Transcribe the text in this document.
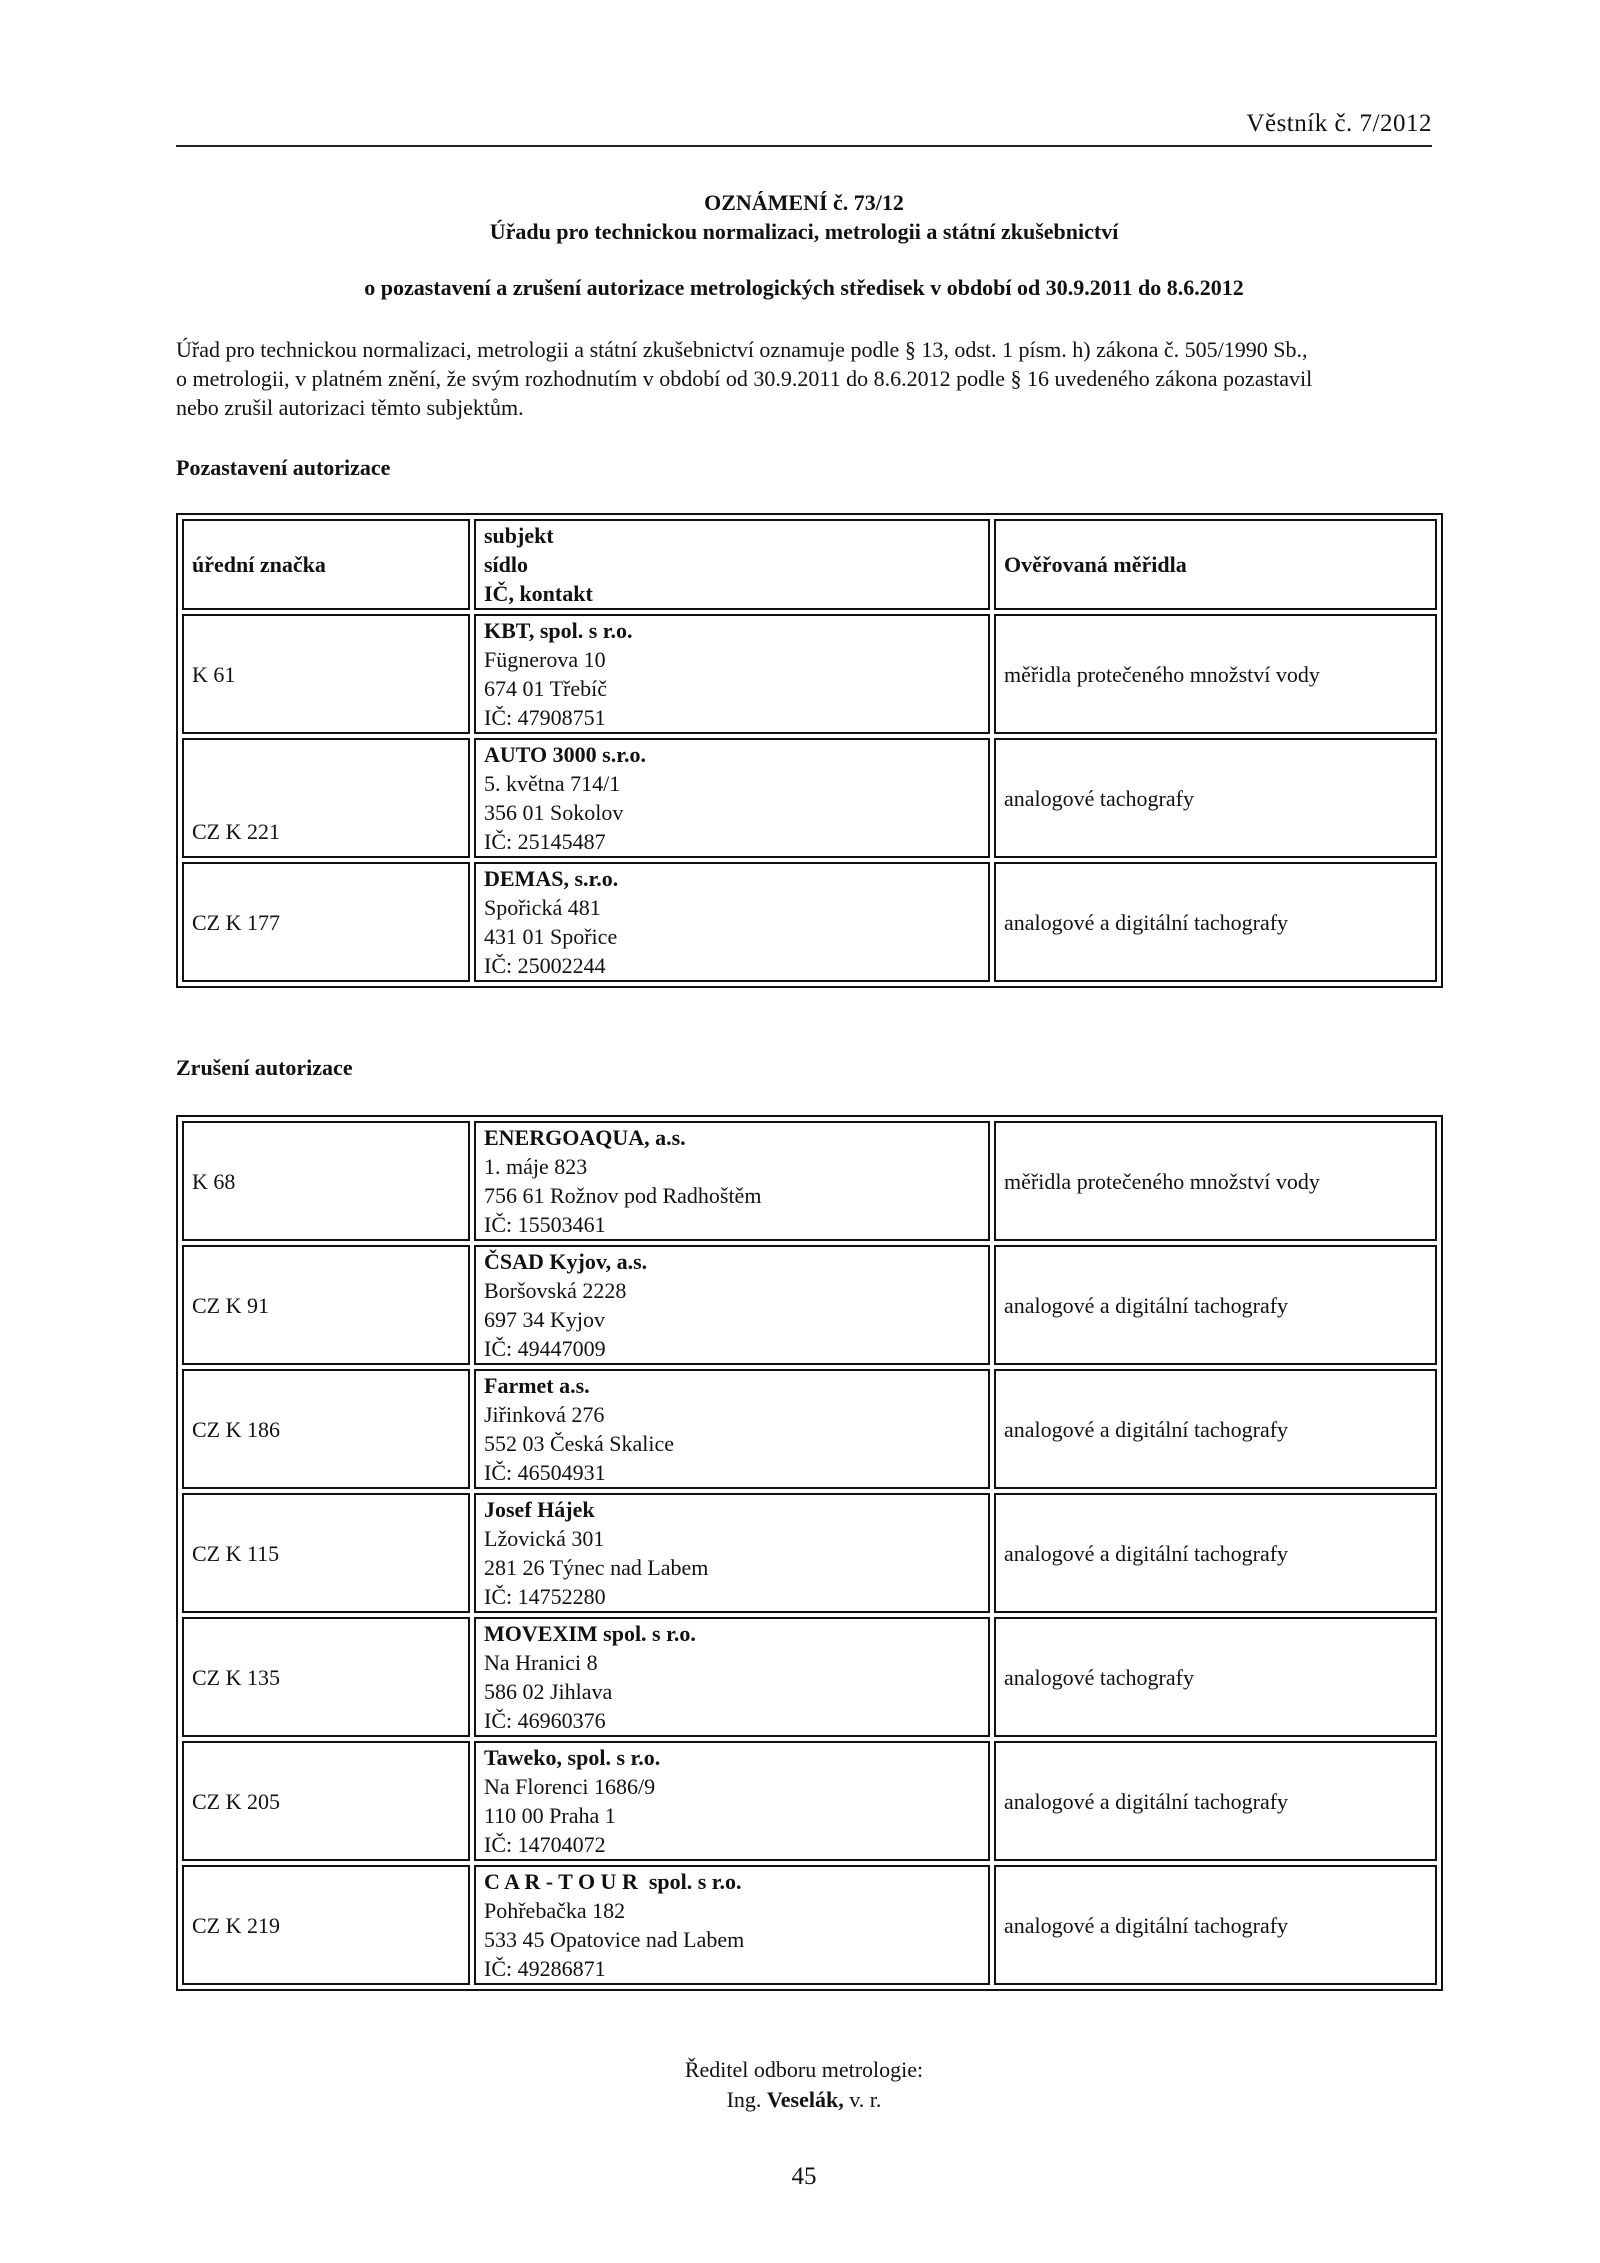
Věstník č. 7/2012
OZNÁMENÍ č. 73/12
Úřadu pro technickou normalizaci, metrologii a státní zkušebnictví
o pozastavení a zrušení autorizace metrologických středisek v období od 30.9.2011 do 8.6.2012

Úřad pro technickou normalizaci, metrologii a státní zkušebnictví oznamuje podle § 13, odst. 1 písm. h) zákona č. 505/1990 Sb.,

o metrologii, v platném znění, že svým rozhodnutím v období od 30.9.2011 do 8.6.2012 podle § 16 uvedeného zákona pozastavil

nebo zrušil autorizaci těmto subjektům.

Pozastavení autorizace
úřední značka	subjekt
sídlo
IČ, kontakt	Ověřovaná měřidla
K 61	KBT, spol. s r.o.
Fügnerova 10
674 01 Třebíč
IČ: 47908751	měřidla protečeného množství vody
CZ K 221	AUTO 3000 s.r.o.
5. května 714/1
356 01 Sokolov
IČ: 25145487	analogové tachografy
CZ K 177	DEMAS, s.r.o.
Spořická 481
431 01 Spořice
IČ: 25002244	analogové a digitální tachografy
Zrušení autorizace
K 68	ENERGOAQUA, a.s.
1. máje 823
756 61 Rožnov pod Radhoštěm
IČ: 15503461	měřidla protečeného množství vody
CZ K 91	ČSAD Kyjov, a.s.
Boršovská 2228
697 34 Kyjov
IČ: 49447009	analogové a digitální tachografy
CZ K 186	Farmet a.s.
Jiřinková 276
552 03 Česká Skalice
IČ: 46504931	analogové a digitální tachografy
CZ K 115	Josef Hájek
Lžovická 301
281 26 Týnec nad Labem
IČ: 14752280	analogové a digitální tachografy
CZ K 135	MOVEXIM spol. s r.o.
Na Hranici 8
586 02 Jihlava
IČ: 46960376	analogové tachografy
CZ K 205	Taweko, spol. s r.o.
Na Florenci 1686/9
110 00 Praha 1
IČ: 14704072	analogové a digitální tachografy
CZ K 219	C A R - T O U R  spol. s r.o.
Pohřebačka 182
533 45 Opatovice nad Labem
IČ: 49286871	analogové a digitální tachografy
Ředitel odboru metrologie:
Ing. Veselák, v. r.
45
